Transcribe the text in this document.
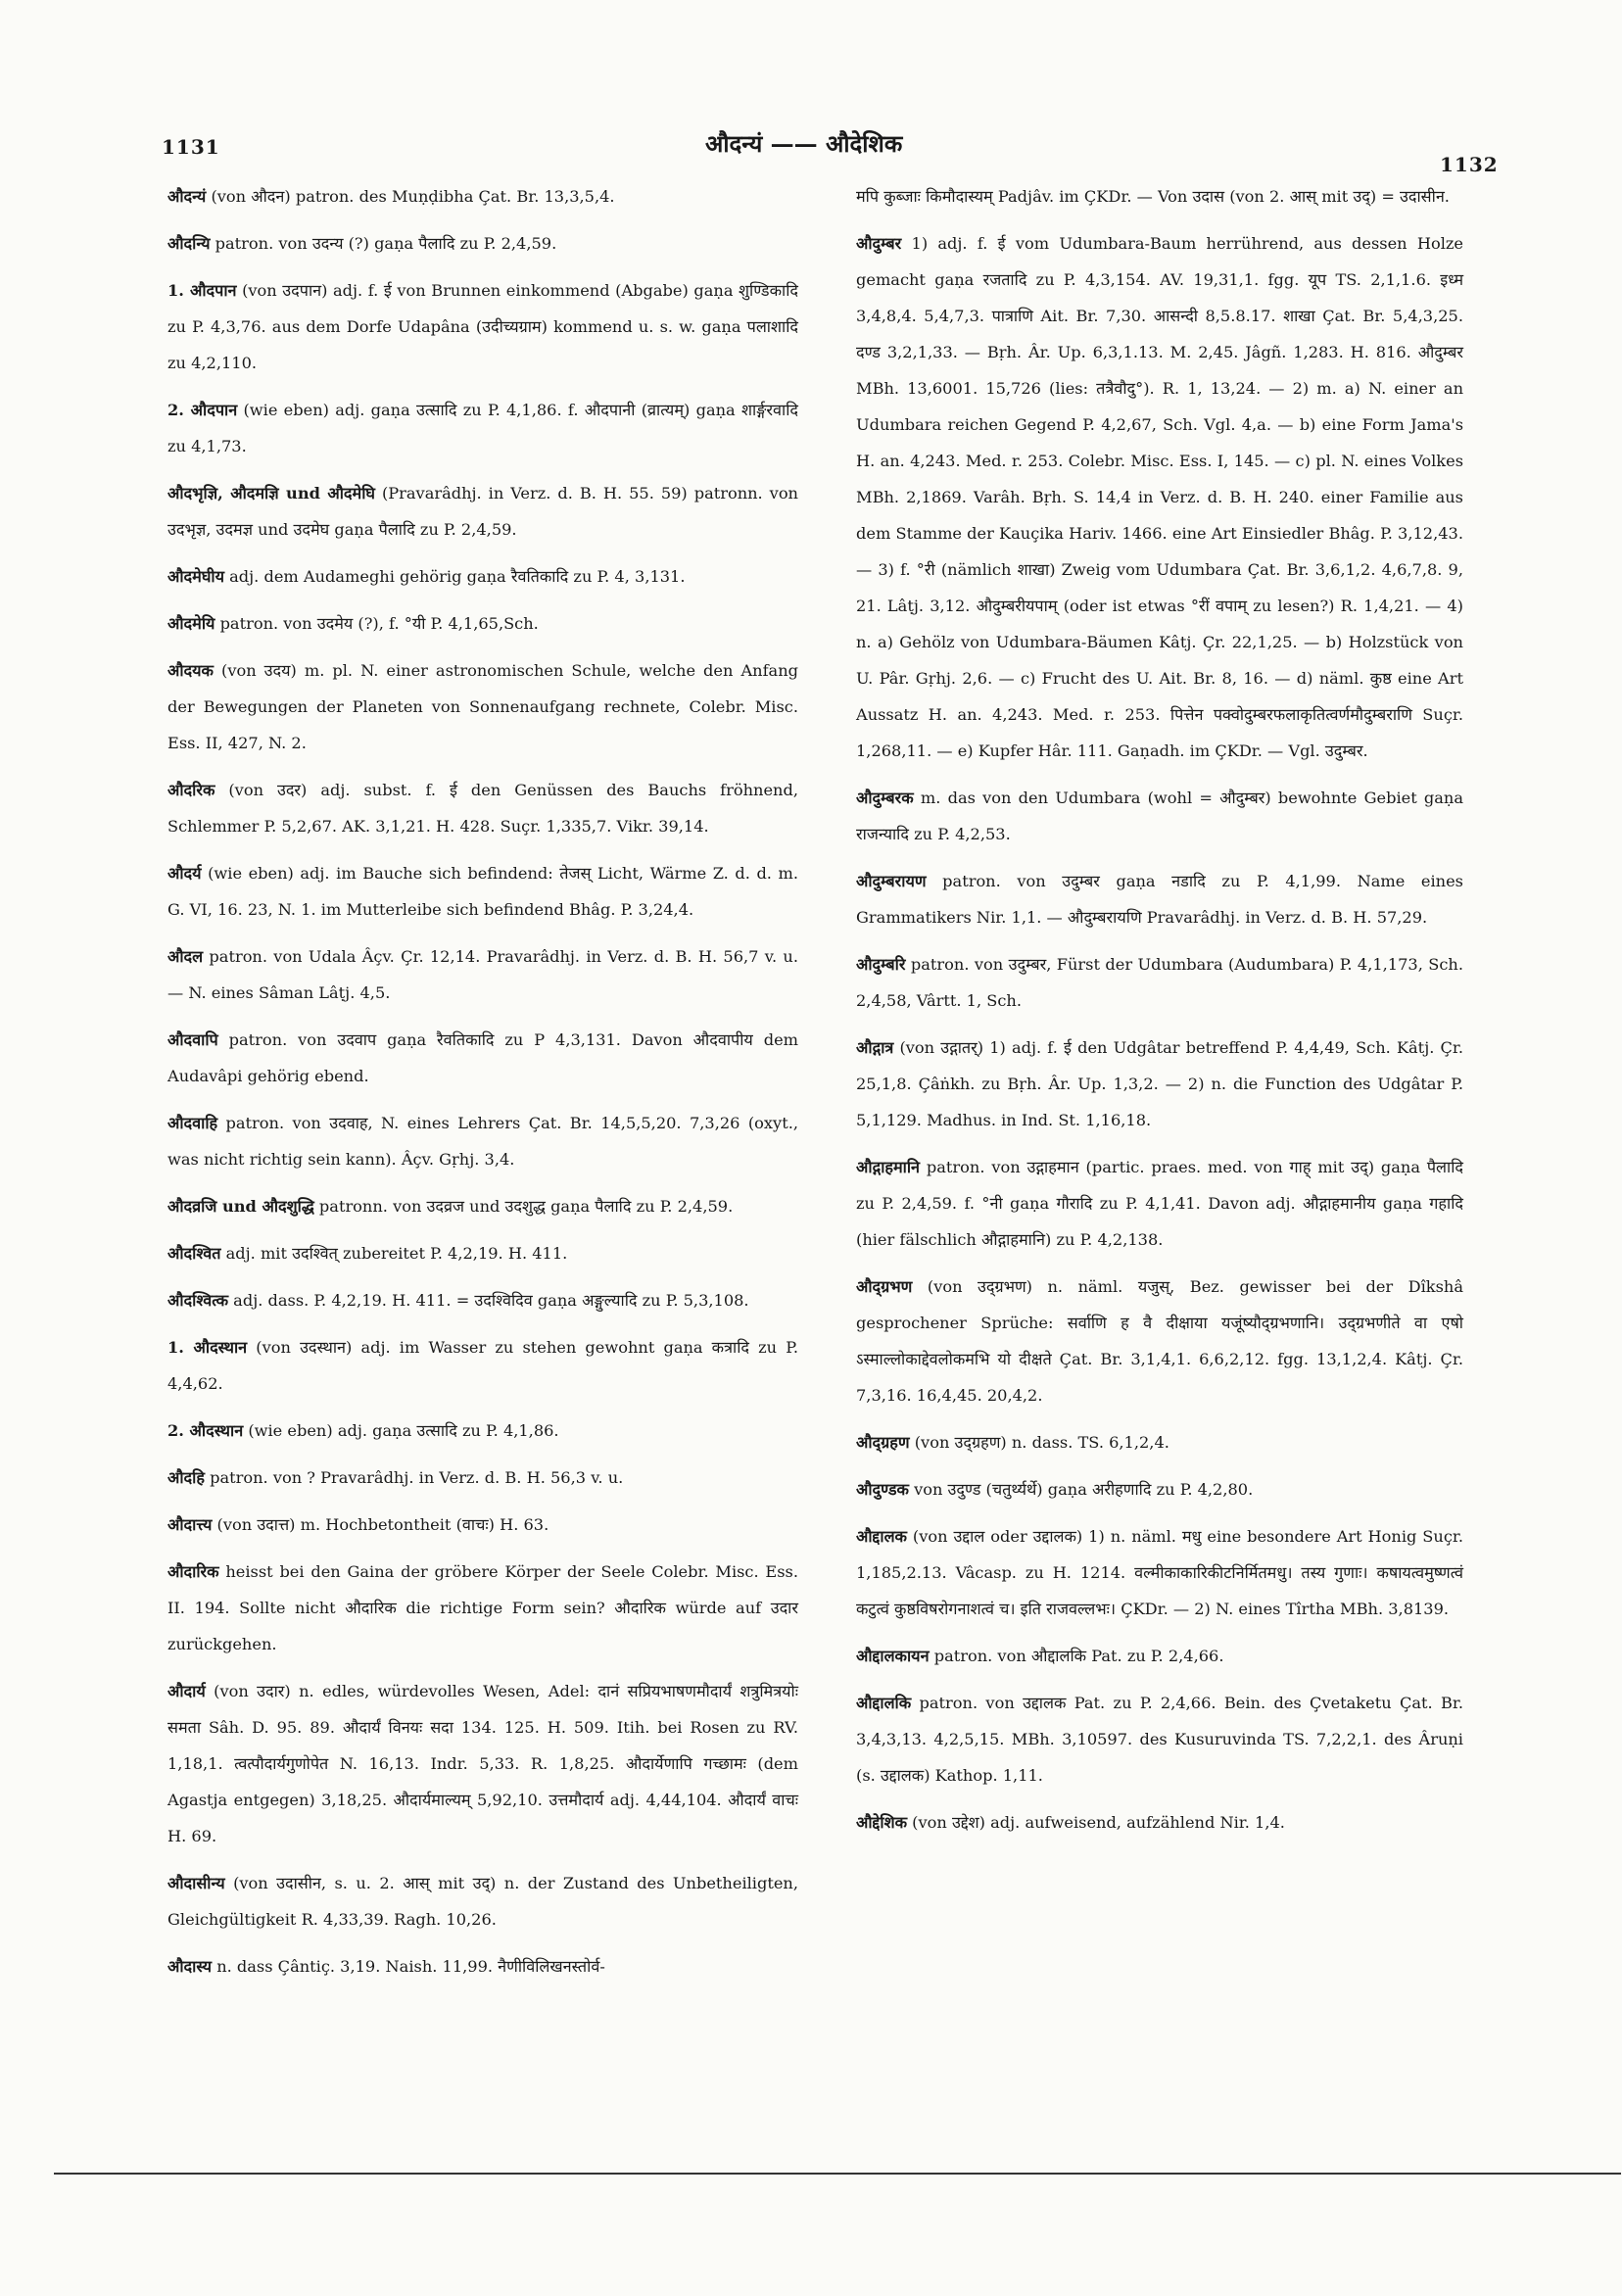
1131	औदन्यं —— औदेशिक
1132

औदन्यं (von औदन) patron. des Muṇḍibha Çat. Br. 13,3,5,4.

औदन्यि patron. von उदन्य (?) gaṇa पैलादि zu P. 2,4,59.

1. औदपान (von उदपान) adj. f. ई von Brunnen einkommend (Abgabe) gaṇa शुण्डिकादि zu P. 4,3,76. aus dem Dorfe Udapâna (उदीच्यग्राम) kommend u. s. w. gaṇa पलाशादि zu 4,2,110.

2. औदपान (wie eben) adj. gaṇa उत्सादि zu P. 4,1,86. f. औदपानी (व्रात्यम्) gaṇa शार्ङ्गरवादि zu 4,1,73.

औदभृज्ञि, औदमज्ञि und औदमेघि (Pravarâdhj. in Verz. d. B. H. 55. 59) patronn. von उदभृज्ञ, उदमज्ञ und उदमेघ gaṇa पैलादि zu P. 2,4,59.

औदमेघीय adj. dem Audameghi gehörig gaṇa रैवतिकादि zu P. 4, 3,131.

औदमेयि patron. von उदमेय (?), f. °यी P. 4,1,65,Sch.

औदयक (von उदय) m. pl. N. einer astronomischen Schule, welche den Anfang der Bewegungen der Planeten von Sonnenaufgang rechnete, Colebr. Misc. Ess. II, 427, N. 2.

औदरिक (von उदर) adj. subst. f. ई den Genüssen des Bauchs fröhnend, Schlemmer P. 5,2,67. AK. 3,1,21. H. 428. Suçr. 1,335,7. Vikr. 39,14.

औदर्य (wie eben) adj. im Bauche sich befindend: तेजस् Licht, Wärme Z. d. d. m. G. VI, 16. 23, N. 1. im Mutterleibe sich befindend Bhâg. P. 3,24,4.

औदल patron. von Udala Âçv. Çr. 12,14. Pravarâdhj. in Verz. d. B. H. 56,7 v. u. — N. eines Sâman Lâṭj. 4,5.

औदवापि patron. von उदवाप gaṇa रैवतिकादि zu P 4,3,131. Davon औदवापीय dem Audavâpi gehörig ebend.

औदवाहि patron. von उदवाह, N. eines Lehrers Çat. Br. 14,5,5,20. 7,3,26 (oxyt., was nicht richtig sein kann). Âçv. Gṛhj. 3,4.

औदव्रजि und औदशुद्धि patronn. von उदव्रज und उदशुद्ध gaṇa पैलादि zu P. 2,4,59.

औदश्वित adj. mit उदश्वित् zubereitet P. 4,2,19. H. 411.

औदश्वित्क adj. dass. P. 4,2,19. H. 411. = उदश्विदिव gaṇa अङ्गुल्यादि zu P. 5,3,108.

1. औदस्थान (von उदस्थान) adj. im Wasser zu stehen gewohnt gaṇa कत्रादि zu P. 4,4,62.

2. औदस्थान (wie eben) adj. gaṇa उत्सादि zu P. 4,1,86.

औदहि patron. von ? Pravarâdhj. in Verz. d. B. H. 56,3 v. u.

औदात्त्य (von उदात्त) m. Hochbetontheit (वाचः) H. 63.

औदारिक heisst bei den Gaina der gröbere Körper der Seele Colebr. Misc. Ess. II. 194. Sollte nicht औदारिक die richtige Form sein? औदारिक würde auf उदार zurückgehen.

औदार्य (von उदार) n. edles, würdevolles Wesen, Adel: दानं सप्रियभाषणमौदार्यं शत्रुमित्रयोः समता Sâh. D. 95. 89. औदार्यं विनयः सदा 134. 125. H. 509. Itih. bei Rosen zu RV. 1,18,1. त्वत्पौदार्यगुणोपेत N. 16,13. Indr. 5,33. R. 1,8,25. औदार्येणापि गच्छामः (dem Agastja entgegen) 3,18,25. औदार्यमाल्यम् 5,92,10. उत्तमौदार्य adj. 4,44,104. औदार्यं वाचः H. 69.

औदासीन्य (von उदासीन, s. u. 2. आस् mit उद्) n. der Zustand des Unbetheiligten, Gleichgültigkeit R. 4,33,39. Ragh. 10,26.

औदास्य n. dass Çântiç. 3,19. Naish. 11,99. नैणीविलिखनस्तोर्व-

मपि कुब्जाः किमौदास्यम् Padjâv. im ÇKDr. — Von उदास (von 2. आस् mit उद्) = उदासीन.

औदुम्बर 1) adj. f. ई vom Udumbara-Baum herrührend, aus dessen Holze gemacht gaṇa रजतादि zu P. 4,3,154. AV. 19,31,1. fgg. यूप TS. 2,1,1.6. इध्म 3,4,8,4. 5,4,7,3. पात्राणि Ait. Br. 7,30. आसन्दी 8,5.8.17. शाखा Çat. Br. 5,4,3,25. दण्ड 3,2,1,33. — Bṛh. Âr. Up. 6,3,1.13. M. 2,45. Jâgñ. 1,283. H. 816. औदुम्बर MBh. 13,6001. 15,726 (lies: तत्रैवौदु°). R. 1, 13,24. — 2) m. a) N. einer an Udumbara reichen Gegend P. 4,2,67, Sch. Vgl. 4,a. — b) eine Form Jama's H. an. 4,243. Med. r. 253. Colebr. Misc. Ess. I, 145. — c) pl. N. eines Volkes MBh. 2,1869. Varâh. Bṛh. S. 14,4 in Verz. d. B. H. 240. einer Familie aus dem Stamme der Kauçika Hariv. 1466. eine Art Einsiedler Bhâg. P. 3,12,43. — 3) f. °री (nämlich शाखा) Zweig vom Udumbara Çat. Br. 3,6,1,2. 4,6,7,8. 9, 21. Lâṭj. 3,12. औदुम्बरीयपाम् (oder ist etwas °रीं वपाम् zu lesen?) R. 1,4,21. — 4) n. a) Gehölz von Udumbara-Bäumen Kâtj. Çr. 22,1,25. — b) Holzstück von U. Pâr. Gṛhj. 2,6. — c) Frucht des U. Ait. Br. 8, 16. — d) näml. कुष्ठ eine Art Aussatz H. an. 4,243. Med. r. 253. पित्तेन पक्वोदुम्बरफलाकृतित्वर्णमौदुम्बराणि Suçr. 1,268,11. — e) Kupfer Hâr. 111. Gaṇadh. im ÇKDr. — Vgl. उदुम्बर.

औदुम्बरक m. das von den Udumbara (wohl = औदुम्बर) bewohnte Gebiet gaṇa राजन्यादि zu P. 4,2,53.

औदुम्बरायण patron. von उदुम्बर gaṇa नडादि zu P. 4,1,99. Name eines Grammatikers Nir. 1,1. — औदुम्बरायणि Pravarâdhj. in Verz. d. B. H. 57,29.

औदुम्बरि patron. von उदुम्बर, Fürst der Udumbara (Audumbara) P. 4,1,173, Sch. 2,4,58, Vârtt. 1, Sch.

औद्गात्र (von उद्गातर्) 1) adj. f. ई den Udgâtar betreffend P. 4,4,49, Sch. Kâtj. Çr. 25,1,8. Çâṅkh. zu Bṛh. Âr. Up. 1,3,2. — 2) n. die Function des Udgâtar P. 5,1,129. Madhus. in Ind. St. 1,16,18.

औद्गाहमानि patron. von उद्गाहमान (partic. praes. med. von गाह् mit उद्) gaṇa पैलादि zu P. 2,4,59. f. °नी gaṇa गौरादि zu P. 4,1,41. Davon adj. औद्गाहमानीय gaṇa गहादि (hier fälschlich औद्गाहमानि) zu P. 4,2,138.

औद्ग्रभण (von उद्ग्रभण) n. näml. यजुस्, Bez. gewisser bei der Dîkshâ gesprochener Sprüche: सर्वाणि ह वै दीक्षाया यजूंष्यौद्ग्रभणानि। उद्ग्रभणीते वा एषो ऽस्माल्लोकाद्देवलोकमभि यो दीक्षते Çat. Br. 3,1,4,1. 6,6,2,12. fgg. 13,1,2,4. Kâtj. Çr. 7,3,16. 16,4,45. 20,4,2.

औद्ग्रहण (von उद्ग्रहण) n. dass. TS. 6,1,2,4.

औदुण्डक von उदुण्ड (चतुर्थ्यर्थे) gaṇa अरीहणादि zu P. 4,2,80.

औद्दालक (von उद्दाल oder उद्दालक) 1) n. näml. मधु eine besondere Art Honig Suçr. 1,185,2.13. Vâcasp. zu H. 1214. वल्मीकाकारिकीटनिर्मितमधु। तस्य गुणाः। कषायत्वमुष्णत्वं कटुत्वं कुष्ठविषरोगनाशत्वं च। इति राजवल्लभः। ÇKDr. — 2) N. eines Tîrtha MBh. 3,8139.

औद्दालकायन patron. von औद्दालकि Pat. zu P. 2,4,66.

औद्दालकि patron. von उद्दालक Pat. zu P. 2,4,66. Bein. des Çvetaketu Çat. Br. 3,4,3,13. 4,2,5,15. MBh. 3,10597. des Kusuruvinda TS. 7,2,2,1. des Âruṇi (s. उद्दालक) Kathop. 1,11.

औद्देशिक (von उद्देश) adj. aufweisend, aufzählend Nir. 1,4.
